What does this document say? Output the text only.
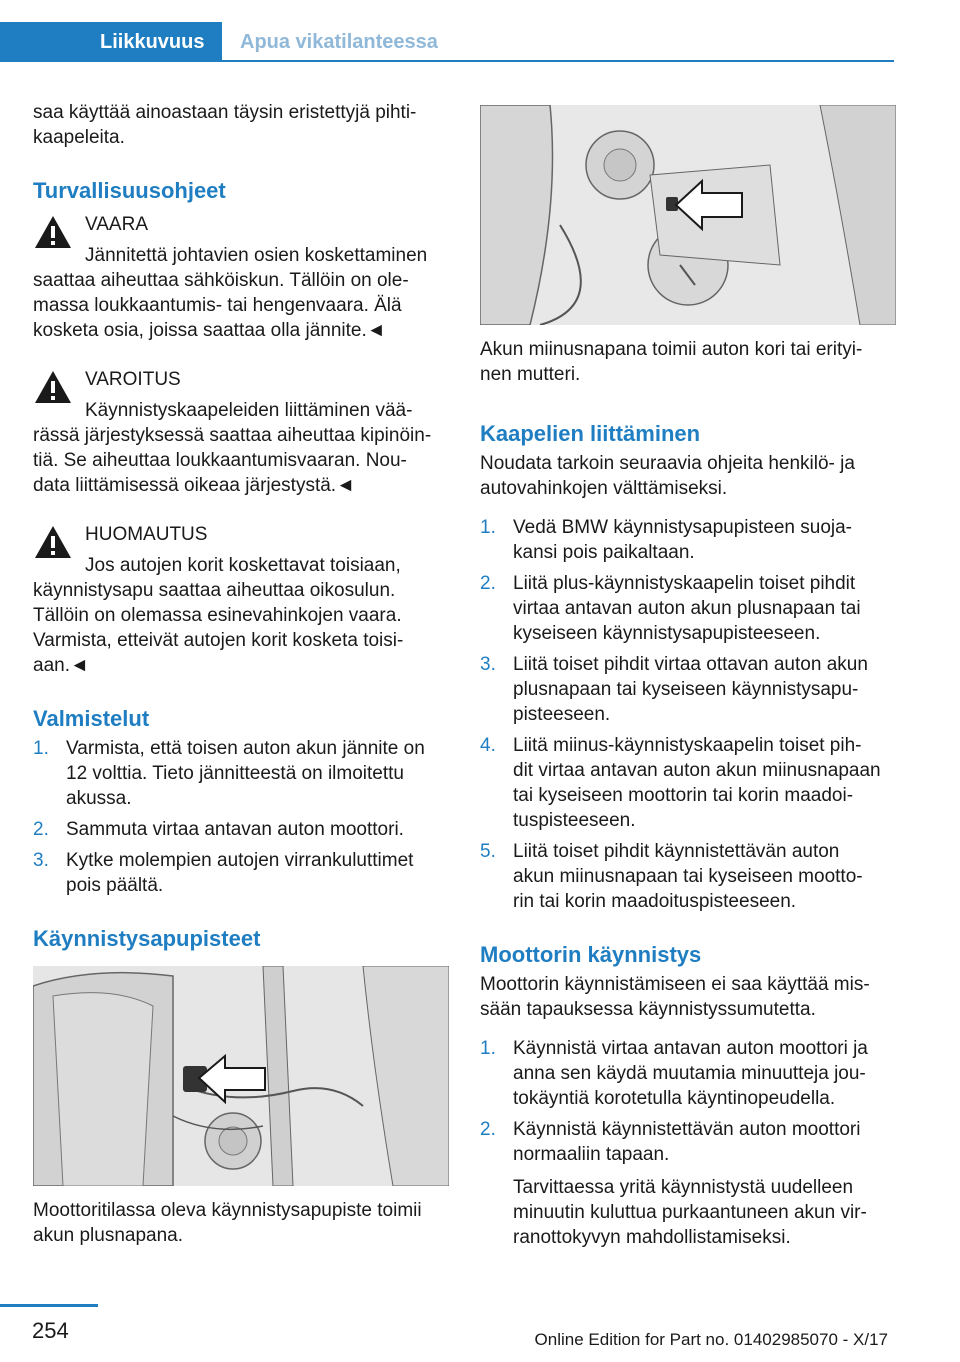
Liikkuvuus	Apua vikatilanteessa

saa käyttää ainoastaan täysin eristettyjä pihti-
kaapeleita.

Turvallisuusohjeet
VAARA
Jännitettä johtavien osien koskettaminen

saattaa aiheuttaa sähköiskun. Tällöin on ole-
massa loukkaantumis- tai hengenvaara. Älä
kosketa osia, joissa saattaa olla jännite.◄

VAROITUS
Käynnistyskaapeleiden liittäminen vää-

rässä järjestyksessä saattaa aiheuttaa kipinöin-
tiä. Se aiheuttaa loukkaantumisvaaran. Nou-
data liittämisessä oikeaa järjestystä.◄

HUOMAUTUS
Jos autojen korit koskettavat toisiaan,

käynnistysapu saattaa aiheuttaa oikosulun.
Tällöin on olemassa esinevahinkojen vaara.
Varmista, etteivät autojen korit kosketa toisi-
aan.◄

Valmistelut
1. Varmista, että toisen auton akun jännite on
12 volttia. Tieto jännitteestä on ilmoitettu
akussa.
2. Sammuta virtaa antavan auton moottori.
3. Kytke molempien autojen virrankuluttimet
pois päältä.
Käynnistysapupisteet

Moottoritilassa oleva käynnistysapupiste toimii
akun plusnapana.

Akun miinusnapana toimii auton kori tai erityi-
nen mutteri.

Kaapelien liittäminen

Noudata tarkoin seuraavia ohjeita henkilö- ja
autovahinkojen välttämiseksi.

1. Vedä BMW käynnistysapupisteen suoja-
kansi pois paikaltaan.
2. Liitä plus-käynnistyskaapelin toiset pihdit
virtaa antavan auton akun plusnapaan tai
kyseiseen käynnistysapupisteeseen.
3. Liitä toiset pihdit virtaa ottavan auton akun
plusnapaan tai kyseiseen käynnistysapu-
pisteeseen.
4. Liitä miinus-käynnistyskaapelin toiset pih-
dit virtaa antavan auton akun miinusnapaan
tai kyseiseen moottorin tai korin maadoi-
tuspisteeseen.
5. Liitä toiset pihdit käynnistettävän auton
akun miinusnapaan tai kyseiseen mootto-
rin tai korin maadoituspisteeseen.
Moottorin käynnistys

Moottorin käynnistämiseen ei saa käyttää mis-
sään tapauksessa käynnistyssumutetta.

1. Käynnistä virtaa antavan auton moottori ja
anna sen käydä muutamia minuutteja jou-
tokäyntiä korotetulla käyntinopeudella.
2. Käynnistä käynnistettävän auton moottori
normaaliin tapaan.

Tarvittaessa yritä käynnistystä uudelleen
minuutin kuluttua purkaantuneen akun vir-
ranottokyvyn mahdollistamiseksi.

254	Online Edition for Part no. 01402985070 - X/17
